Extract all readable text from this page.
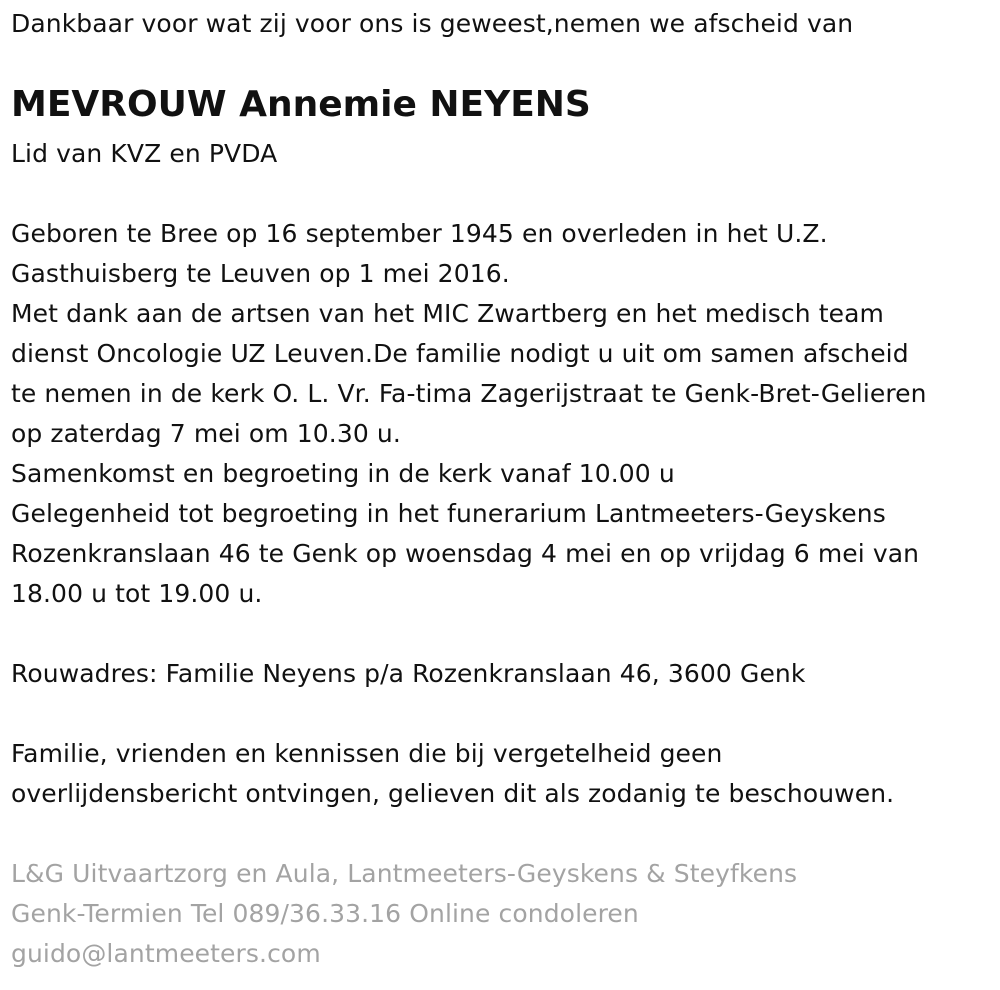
Dankbaar voor wat zij voor ons is geweest,nemen we afscheid van
MEVROUW Annemie NEYENS
Lid van KVZ en PVDA
Geboren te Bree op 16 september 1945 en overleden in het U.Z.
Gasthuisberg te Leuven op 1 mei 2016.
Met dank aan de artsen van het MIC Zwartberg en het medisch team
dienst Oncologie UZ Leuven.De familie nodigt u uit om samen afscheid
te nemen in de kerk O. L. Vr. Fa-tima Zagerijstraat te Genk-Bret-Gelieren
op zaterdag 7 mei om 10.30 u.
Samenkomst en begroeting in de kerk vanaf 10.00 u
Gelegenheid tot begroeting in het funerarium Lantmeeters-Geyskens
Rozenkranslaan 46 te Genk op woensdag 4 mei en op vrijdag 6 mei van
18.00 u tot 19.00 u.
Rouwadres: Familie Neyens p/a Rozenkranslaan 46, 3600 Genk
Familie, vrienden en kennissen die bij vergetelheid geen
overlijdensbericht ontvingen, gelieven dit als zodanig te beschouwen.
L&G Uitvaartzorg en Aula, Lantmeeters-Geyskens & Steyfkens
Genk-Termien Tel 089/36.33.16 Online condoleren
guido@lantmeeters.com
